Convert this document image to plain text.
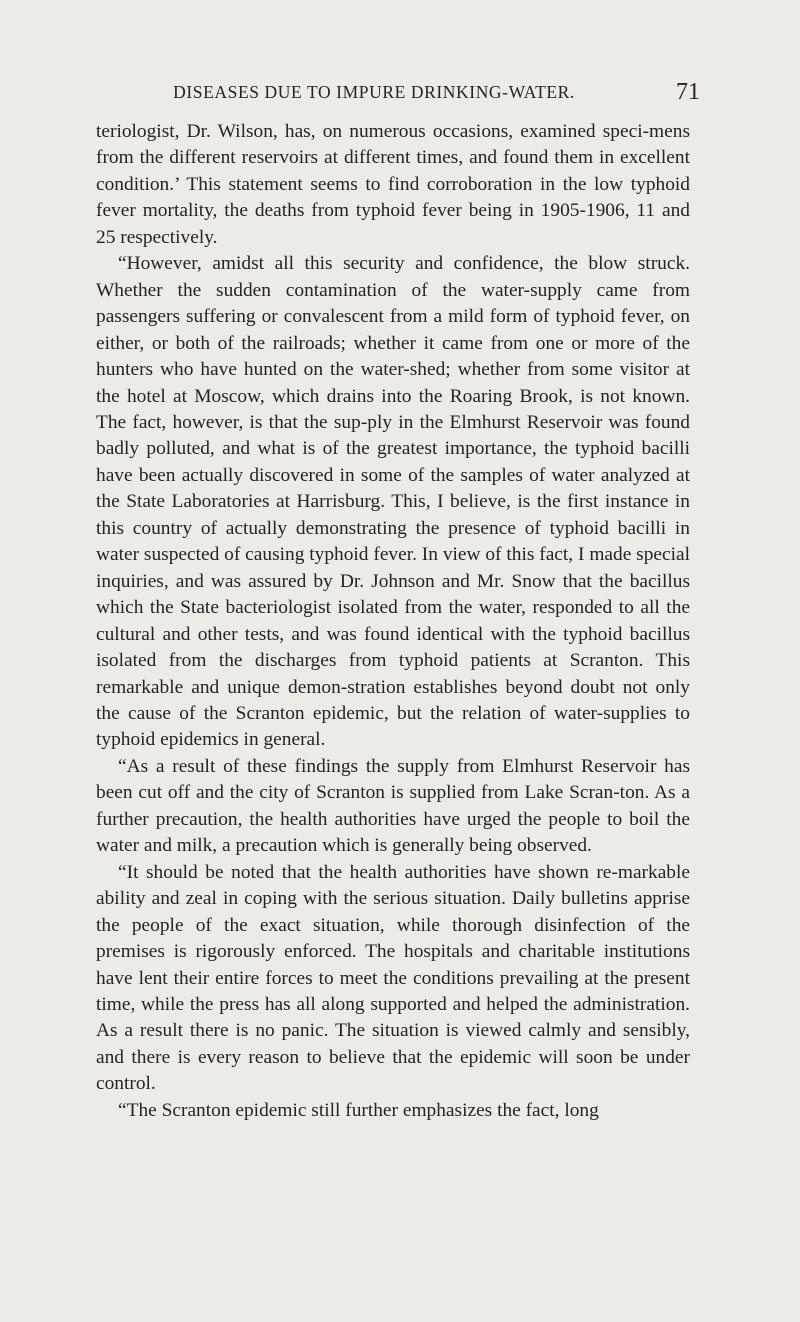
DISEASES DUE TO IMPURE DRINKING-WATER.	71

teriologist, Dr. Wilson, has, on numerous occasions, examined speci-mens from the different reservoirs at different times, and found them in excellent condition.’ This statement seems to find corroboration in the low typhoid fever mortality, the deaths from typhoid fever being in 1905-1906, 11 and 25 respectively.

“However, amidst all this security and confidence, the blow struck. Whether the sudden contamination of the water-supply came from passengers suffering or convalescent from a mild form of typhoid fever, on either, or both of the railroads; whether it came from one or more of the hunters who have hunted on the water-shed; whether from some visitor at the hotel at Moscow, which drains into the Roaring Brook, is not known. The fact, however, is that the sup-ply in the Elmhurst Reservoir was found badly polluted, and what is of the greatest importance, the typhoid bacilli have been actually discovered in some of the samples of water analyzed at the State Laboratories at Harrisburg. This, I believe, is the first instance in this country of actually demonstrating the presence of typhoid bacilli in water suspected of causing typhoid fever. In view of this fact, I made special inquiries, and was assured by Dr. Johnson and Mr. Snow that the bacillus which the State bacteriologist isolated from the water, responded to all the cultural and other tests, and was found identical with the typhoid bacillus isolated from the discharges from typhoid patients at Scranton. This remarkable and unique demon-stration establishes beyond doubt not only the cause of the Scranton epidemic, but the relation of water-supplies to typhoid epidemics in general.

“As a result of these findings the supply from Elmhurst Reservoir has been cut off and the city of Scranton is supplied from Lake Scran-ton. As a further precaution, the health authorities have urged the people to boil the water and milk, a precaution which is generally being observed.

“It should be noted that the health authorities have shown re-markable ability and zeal in coping with the serious situation. Daily bulletins apprise the people of the exact situation, while thorough disinfection of the premises is rigorously enforced. The hospitals and charitable institutions have lent their entire forces to meet the conditions prevailing at the present time, while the press has all along supported and helped the administration. As a result there is no panic. The situation is viewed calmly and sensibly, and there is every reason to believe that the epidemic will soon be under control.

“The Scranton epidemic still further emphasizes the fact, long
